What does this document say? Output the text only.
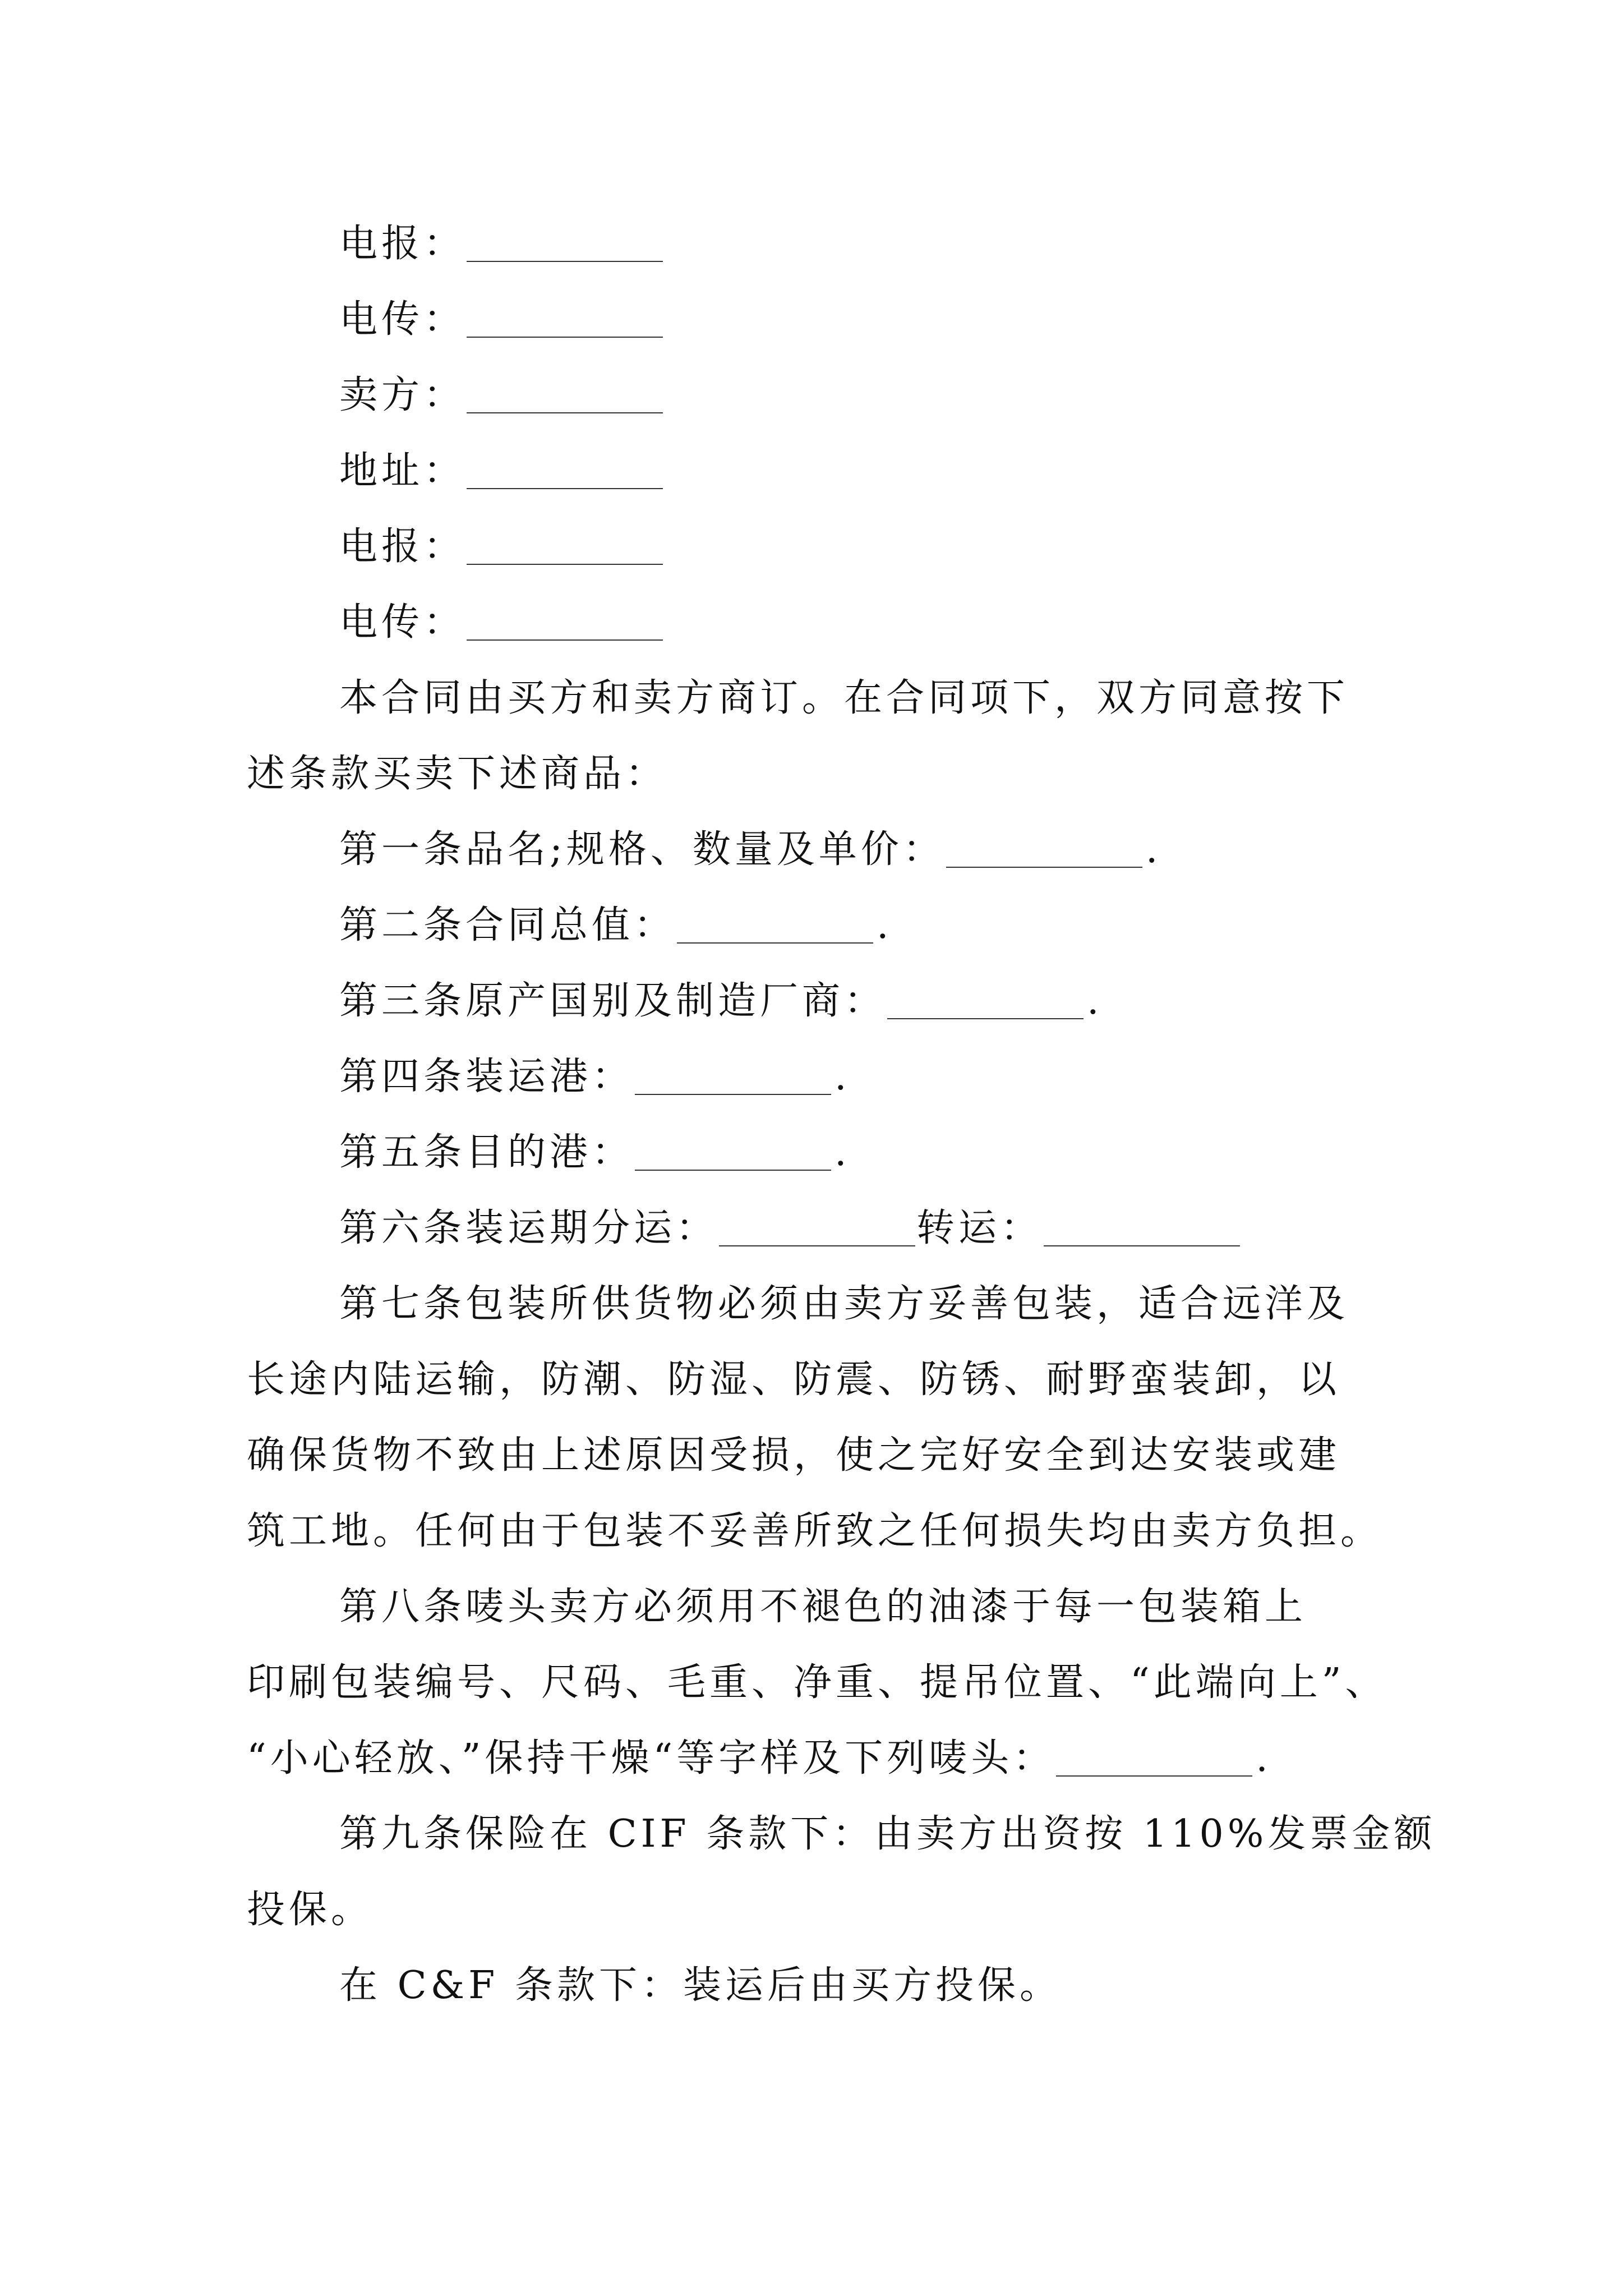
电报：
电传：
卖方：
地址：
电报：
电传：
本合同由买方和卖方商订。在合同项下，双方同意按下
述条款买卖下述商品：
第一条品名;规格、数量及单价：	.
第二条合同总值：	.
第三条原产国别及制造厂商：	.
第四条装运港：	.
第五条目的港：	.
第六条装运期分运：	转运：
第七条包装所供货物必须由卖方妥善包装，适合远洋及
长途内陆运输，防潮、防湿、防震、防锈、耐野蛮装卸，以
确保货物不致由上述原因受损，使之完好安全到达安装或建
筑工地。任何由于包装不妥善所致之任何损失均由卖方负担。
第八条唛头卖方必须用不褪色的油漆于每一包装箱上
印刷包装编号、尺码、毛重、净重、提吊位置、“此端向上”、
“小心轻放、”保持干燥“等字样及下列唛头：	.
第九条保险在 CIF 条款下：由卖方出资按 110%发票金额
投保。
在 C&F 条款下：装运后由买方投保。
